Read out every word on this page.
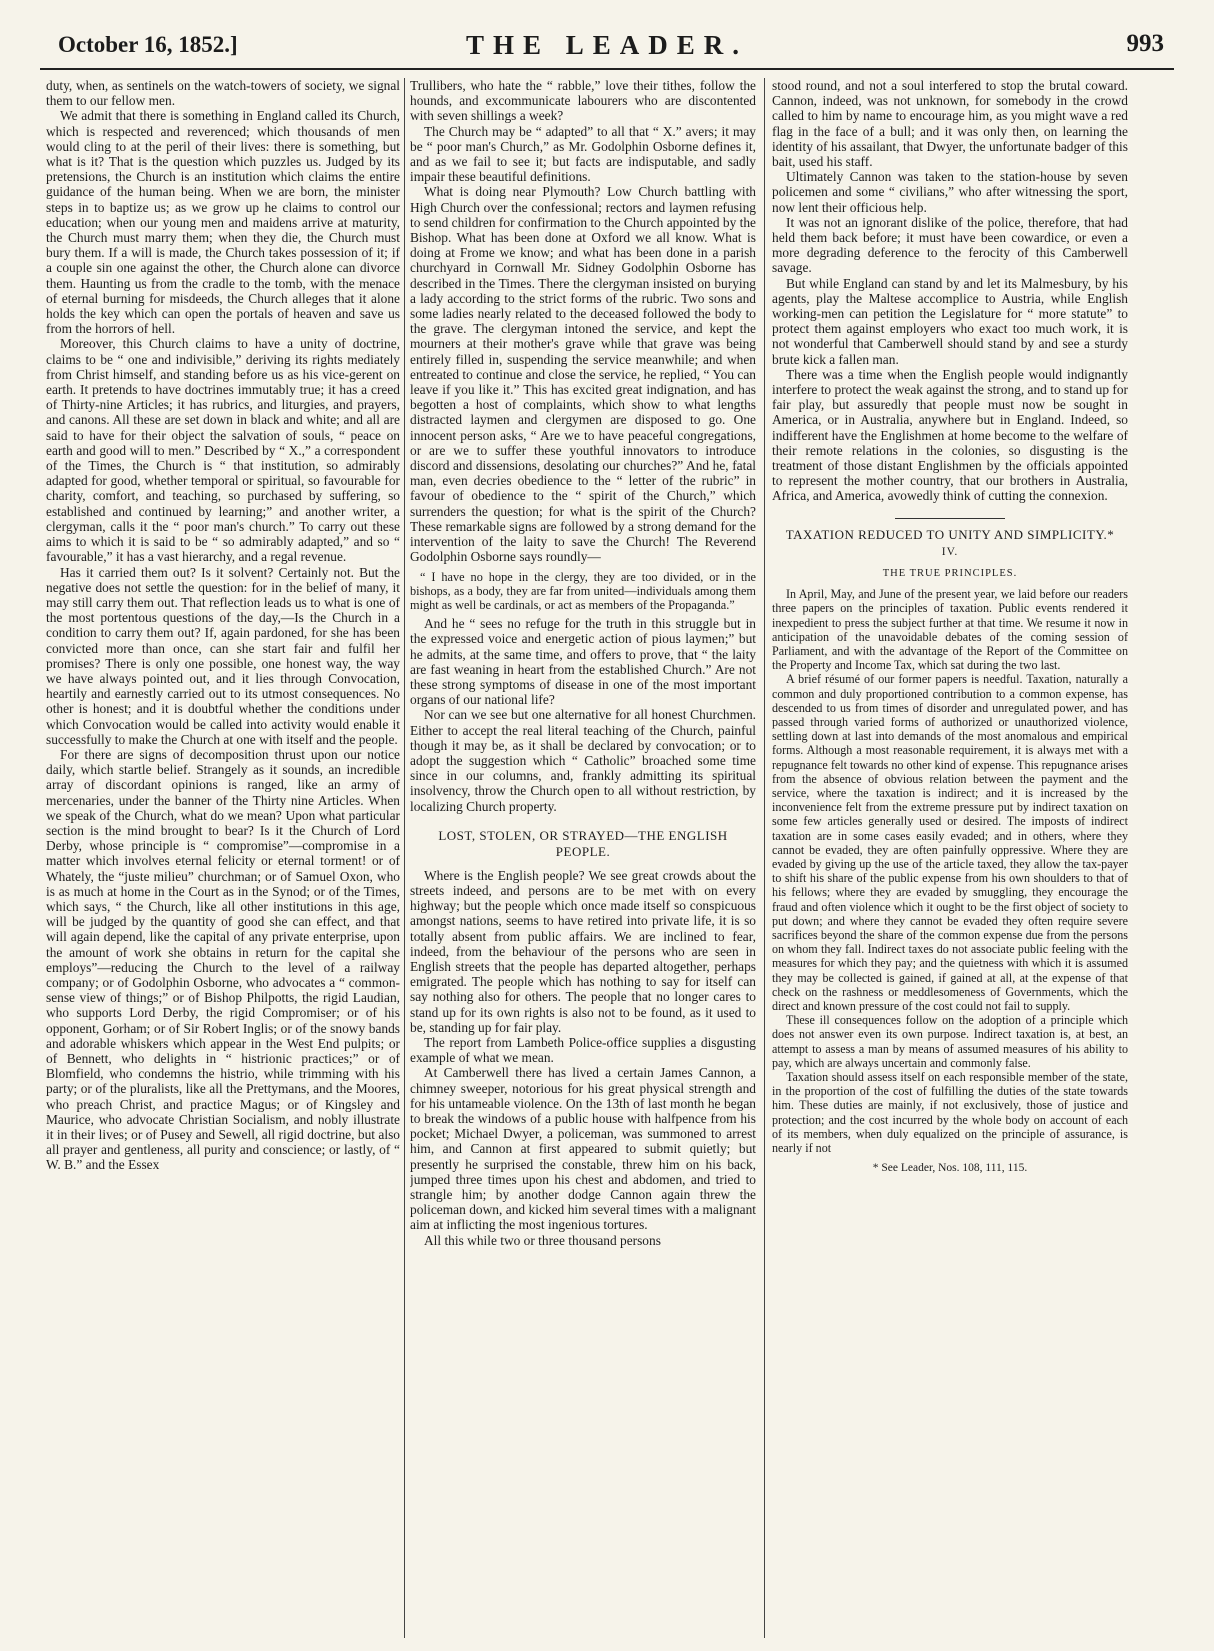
October 16, 1852.]	THE LEADER.	993

duty, when, as sentinels on the watch-towers of society, we signal them to our fellow men.

We admit that there is something in England called its Church, which is respected and reverenced; which thousands of men would cling to at the peril of their lives: there is something, but what is it? That is the question which puzzles us. Judged by its pretensions, the Church is an institution which claims the entire guidance of the human being. When we are born, the minister steps in to baptize us; as we grow up he claims to control our education; when our young men and maidens arrive at maturity, the Church must marry them; when they die, the Church must bury them. If a will is made, the Church takes possession of it; if a couple sin one against the other, the Church alone can divorce them. Haunting us from the cradle to the tomb, with the menace of eternal burning for misdeeds, the Church alleges that it alone holds the key which can open the portals of heaven and save us from the horrors of hell.

Moreover, this Church claims to have a unity of doctrine, claims to be “ one and indivisible,” deriving its rights mediately from Christ himself, and standing before us as his vice-gerent on earth. It pretends to have doctrines immutably true; it has a creed of Thirty-nine Articles; it has rubrics, and liturgies, and prayers, and canons. All these are set down in black and white; and all are said to have for their object the salvation of souls, “ peace on earth and good will to men.” Described by “ X.,” a correspondent of the Times, the Church is “ that institution, so admirably adapted for good, whether temporal or spiritual, so favourable for charity, comfort, and teaching, so purchased by suffering, so established and continued by learning;” and another writer, a clergyman, calls it the “ poor man's church.” To carry out these aims to which it is said to be “ so admirably adapted,” and so “ favourable,” it has a vast hierarchy, and a regal revenue.

Has it carried them out? Is it solvent? Certainly not. But the negative does not settle the question: for in the belief of many, it may still carry them out. That reflection leads us to what is one of the most portentous questions of the day,—Is the Church in a condition to carry them out? If, again pardoned, for she has been convicted more than once, can she start fair and fulfil her promises? There is only one possible, one honest way, the way we have always pointed out, and it lies through Convocation, heartily and earnestly carried out to its utmost consequences. No other is honest; and it is doubtful whether the conditions under which Convocation would be called into activity would enable it successfully to make the Church at one with itself and the people.

For there are signs of decomposition thrust upon our notice daily, which startle belief. Strangely as it sounds, an incredible array of discordant opinions is ranged, like an army of mercenaries, under the banner of the Thirty nine Articles. When we speak of the Church, what do we mean? Upon what particular section is the mind brought to bear? Is it the Church of Lord Derby, whose principle is “ compromise”—compromise in a matter which involves eternal felicity or eternal torment! or of Whately, the “juste milieu” churchman; or of Samuel Oxon, who is as much at home in the Court as in the Synod; or of the Times, which says, “ the Church, like all other institutions in this age, will be judged by the quantity of good she can effect, and that will again depend, like the capital of any private enterprise, upon the amount of work she obtains in return for the capital she employs”—reducing the Church to the level of a railway company; or of Godolphin Osborne, who advocates a “ common-sense view of things;” or of Bishop Philpotts, the rigid Laudian, who supports Lord Derby, the rigid Compromiser; or of his opponent, Gorham; or of Sir Robert Inglis; or of the snowy bands and adorable whiskers which appear in the West End pulpits; or of Bennett, who delights in “ histrionic practices;” or of Blomfield, who condemns the histrio, while trimming with his party; or of the pluralists, like all the Prettymans, and the Moores, who preach Christ, and practice Magus; or of Kingsley and Maurice, who advocate Christian Socialism, and nobly illustrate it in their lives; or of Pusey and Sewell, all rigid doctrine, but also all prayer and gentleness, all purity and conscience; or lastly, of “ W. B.” and the Essex

Trullibers, who hate the “ rabble,” love their tithes, follow the hounds, and excommunicate labourers who are discontented with seven shillings a week?

The Church may be “ adapted” to all that “ X.” avers; it may be “ poor man's Church,” as Mr. Godolphin Osborne defines it, and as we fail to see it; but facts are indisputable, and sadly impair these beautiful definitions.

What is doing near Plymouth? Low Church battling with High Church over the confessional; rectors and laymen refusing to send children for confirmation to the Church appointed by the Bishop. What has been done at Oxford we all know. What is doing at Frome we know; and what has been done in a parish churchyard in Cornwall Mr. Sidney Godolphin Osborne has described in the Times. There the clergyman insisted on burying a lady according to the strict forms of the rubric. Two sons and some ladies nearly related to the deceased followed the body to the grave. The clergyman intoned the service, and kept the mourners at their mother's grave while that grave was being entirely filled in, suspending the service meanwhile; and when entreated to continue and close the service, he replied, “ You can leave if you like it.” This has excited great indignation, and has begotten a host of complaints, which show to what lengths distracted laymen and clergymen are disposed to go. One innocent person asks, “ Are we to have peaceful congregations, or are we to suffer these youthful innovators to introduce discord and dissensions, desolating our churches?” And he, fatal man, even decries obedience to the “ letter of the rubric” in favour of obedience to the “ spirit of the Church,” which surrenders the question; for what is the spirit of the Church? These remarkable signs are followed by a strong demand for the intervention of the laity to save the Church! The Reverend Godolphin Osborne says roundly—

“ I have no hope in the clergy, they are too divided, or in the bishops, as a body, they are far from united—individuals among them might as well be cardinals, or act as members of the Propaganda.”

And he “ sees no refuge for the truth in this struggle but in the expressed voice and energetic action of pious laymen;” but he admits, at the same time, and offers to prove, that “ the laity are fast weaning in heart from the established Church.” Are not these strong symptoms of disease in one of the most important organs of our national life?

Nor can we see but one alternative for all honest Churchmen. Either to accept the real literal teaching of the Church, painful though it may be, as it shall be declared by convocation; or to adopt the suggestion which “ Catholic” broached some time since in our columns, and, frankly admitting its spiritual insolvency, throw the Church open to all without restriction, by localizing Church property.

LOST, STOLEN, OR STRAYED—THE ENGLISH PEOPLE.

Where is the English people? We see great crowds about the streets indeed, and persons are to be met with on every highway; but the people which once made itself so conspicuous amongst nations, seems to have retired into private life, it is so totally absent from public affairs. We are inclined to fear, indeed, from the behaviour of the persons who are seen in English streets that the people has departed altogether, perhaps emigrated. The people which has nothing to say for itself can say nothing also for others. The people that no longer cares to stand up for its own rights is also not to be found, as it used to be, standing up for fair play.

The report from Lambeth Police-office supplies a disgusting example of what we mean.

At Camberwell there has lived a certain James Cannon, a chimney sweeper, notorious for his great physical strength and for his untameable violence. On the 13th of last month he began to break the windows of a public house with halfpence from his pocket; Michael Dwyer, a policeman, was summoned to arrest him, and Cannon at first appeared to submit quietly; but presently he surprised the constable, threw him on his back, jumped three times upon his chest and abdomen, and tried to strangle him; by another dodge Cannon again threw the policeman down, and kicked him several times with a malignant aim at inflicting the most ingenious tortures.

All this while two or three thousand persons

stood round, and not a soul interfered to stop the brutal coward. Cannon, indeed, was not unknown, for somebody in the crowd called to him by name to encourage him, as you might wave a red flag in the face of a bull; and it was only then, on learning the identity of his assailant, that Dwyer, the unfortunate badger of this bait, used his staff.

Ultimately Cannon was taken to the station-house by seven policemen and some “ civilians,” who after witnessing the sport, now lent their officious help.

It was not an ignorant dislike of the police, therefore, that had held them back before; it must have been cowardice, or even a more degrading deference to the ferocity of this Camberwell savage.

But while England can stand by and let its Malmesbury, by his agents, play the Maltese accomplice to Austria, while English working-men can petition the Legislature for “ more statute” to protect them against employers who exact too much work, it is not wonderful that Camberwell should stand by and see a sturdy brute kick a fallen man.

There was a time when the English people would indignantly interfere to protect the weak against the strong, and to stand up for fair play, but assuredly that people must now be sought in America, or in Australia, anywhere but in England. Indeed, so indifferent have the Englishmen at home become to the welfare of their remote relations in the colonies, so disgusting is the treatment of those distant Englishmen by the officials appointed to represent the mother country, that our brothers in Australia, Africa, and America, avowedly think of cutting the connexion.

TAXATION REDUCED TO UNITY AND SIMPLICITY.*
IV.
THE TRUE PRINCIPLES.

In April, May, and June of the present year, we laid before our readers three papers on the principles of taxation. Public events rendered it inexpedient to press the subject further at that time. We resume it now in anticipation of the unavoidable debates of the coming session of Parliament, and with the advantage of the Report of the Committee on the Property and Income Tax, which sat during the two last.

A brief résumé of our former papers is needful. Taxation, naturally a common and duly proportioned contribution to a common expense, has descended to us from times of disorder and unregulated power, and has passed through varied forms of authorized or unauthorized violence, settling down at last into demands of the most anomalous and empirical forms. Although a most reasonable requirement, it is always met with a repugnance felt towards no other kind of expense. This repugnance arises from the absence of obvious relation between the payment and the service, where the taxation is indirect; and it is increased by the inconvenience felt from the extreme pressure put by indirect taxation on some few articles generally used or desired. The imposts of indirect taxation are in some cases easily evaded; and in others, where they cannot be evaded, they are often painfully oppressive. Where they are evaded by giving up the use of the article taxed, they allow the tax-payer to shift his share of the public expense from his own shoulders to that of his fellows; where they are evaded by smuggling, they encourage the fraud and often violence which it ought to be the first object of society to put down; and where they cannot be evaded they often require severe sacrifices beyond the share of the common expense due from the persons on whom they fall. Indirect taxes do not associate public feeling with the measures for which they pay; and the quietness with which it is assumed they may be collected is gained, if gained at all, at the expense of that check on the rashness or meddlesomeness of Governments, which the direct and known pressure of the cost could not fail to supply.

These ill consequences follow on the adoption of a principle which does not answer even its own purpose. Indirect taxation is, at best, an attempt to assess a man by means of assumed measures of his ability to pay, which are always uncertain and commonly false.

Taxation should assess itself on each responsible member of the state, in the proportion of the cost of fulfilling the duties of the state towards him. These duties are mainly, if not exclusively, those of justice and protection; and the cost incurred by the whole body on account of each of its members, when duly equalized on the principle of assurance, is nearly if not

* See Leader, Nos. 108, 111, 115.
